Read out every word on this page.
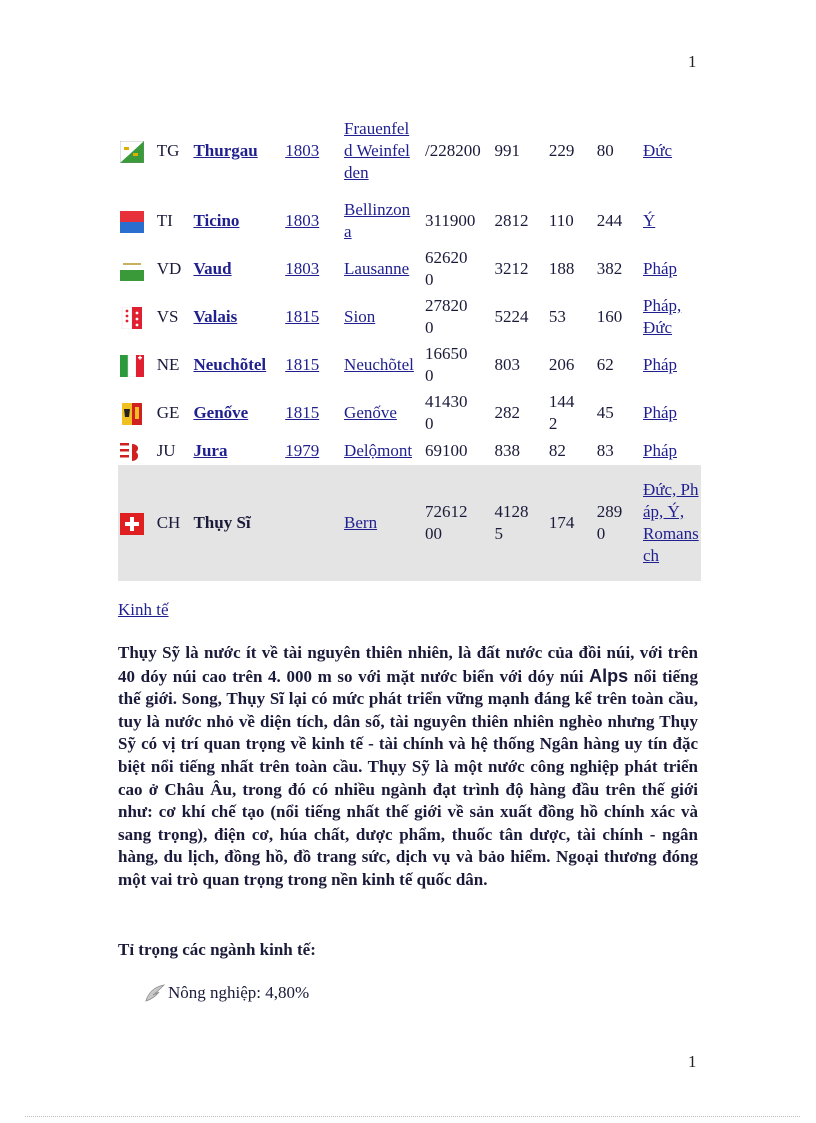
1
	TG	Thurgau	1803	Frauenfeld Weinfelden	/228200	991	229	80	Đức
	TI	Ticino	1803	Bellinzona	311900	2812	110	244	Ý
	VD	Vaud	1803	Lausanne	626200	3212	188	382	Pháp
	VS	Valais	1815	Sion	278200	5224	53	160	Pháp, Đức

	NE	Neuchõtel	1815	Neuchõtel	166500	803	206	62	Pháp
	GE	Genốve	1815	Genốve	414300	282	1442	45	Pháp
	JU	Jura	1979	Delộmont	69100	838	82	83	Pháp
	CH	Thụy Sĩ		Bern	7261200	41285	174	2890	Đức, Pháp, Ý, Romansch
Kinh tế

Thụy Sỹ là nước ít về tài nguyên thiên nhiên, là đất nước của đồi núi, với trên 40 dóy núi cao trên 4. 000 m so với mặt nước biển với dóy núi Alps nổi tiếng thế giới. Song, Thụy Sĩ lại có mức phát triển vững mạnh đáng kể trên toàn cầu, tuy là nước nhỏ về diện tích, dân số, tài nguyên thiên nhiên nghèo nhưng Thụy Sỹ có vị trí quan trọng về kinh tế - tài chính và hệ thống Ngân hàng uy tín đặc biệt nổi tiếng nhất trên toàn cầu. Thụy Sỹ là một nước công nghiệp phát triển cao ở Châu Âu, trong đó có nhiều ngành đạt trình độ hàng đầu trên thế giới như: cơ khí chế tạo (nổi tiếng nhất thế giới về sản xuất đồng hồ chính xác và sang trọng), điện cơ, húa chất, dược phẩm, thuốc tân dược, tài chính - ngân hàng, du lịch, đồng hồ, đồ trang sức, dịch vụ và bảo hiểm. Ngoại thương đóng một vai trò quan trọng trong nền kinh tế quốc dân.

Tỉ trọng các ngành kinh tế:
Nông nghiệp: 4,80%
1
